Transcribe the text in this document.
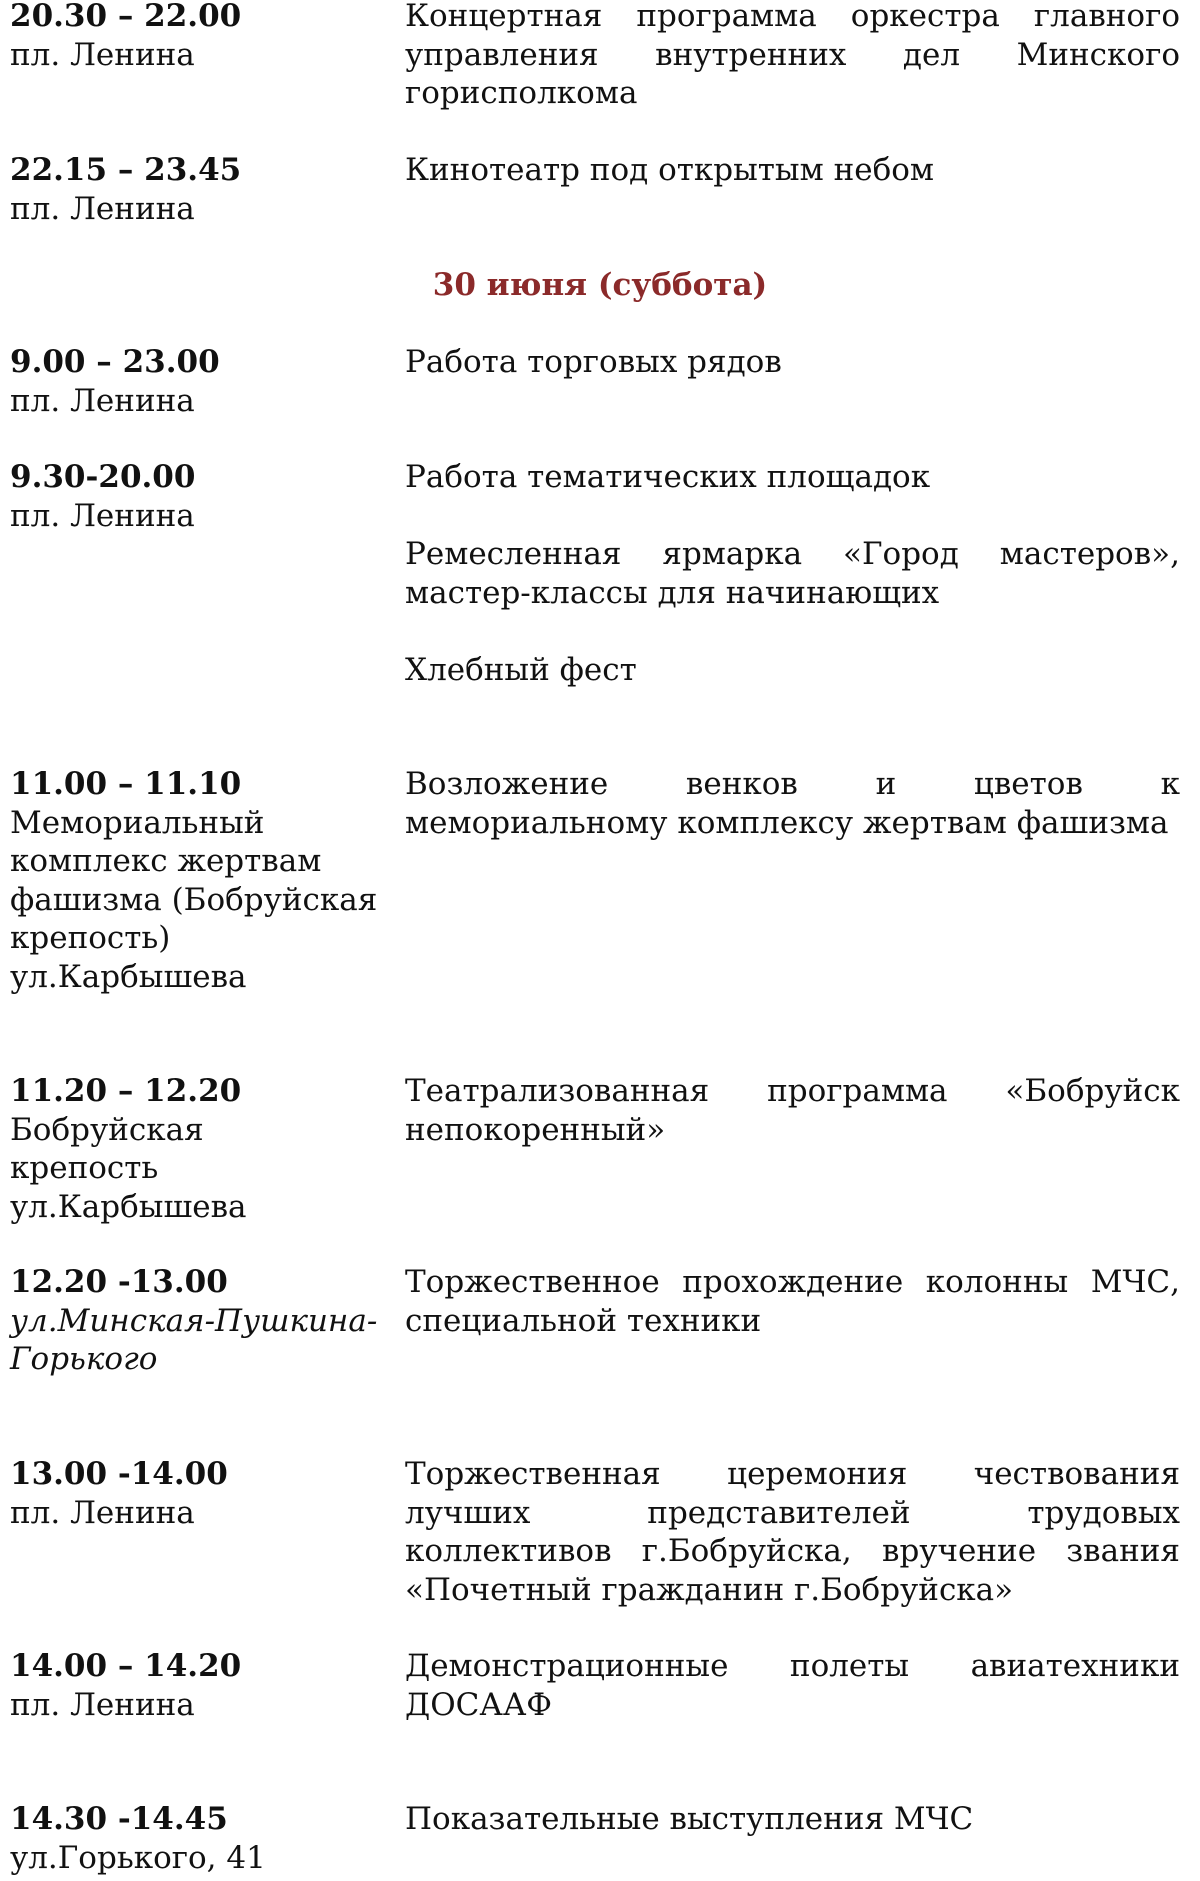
20.30 – 22.00
пл. Ленина

Концертная программа оркестра главного управления внутренних дел Минского горисполкома

22.15 – 23.45
пл. Ленина

Кинотеатр под открытым небом

30 июня (суббота)
9.00 – 23.00
пл. Ленина

Работа торговых рядов

9.30-20.00
пл. Ленина

Работа тематических площадок

Ремесленная ярмарка «Город мастеров», мастер-классы для начинающих

Хлебный фест

11.00 – 11.10
Мемориальный комплекс жертвам фашизма (Бобруйская крепость) ул.Карбышева

Возложение венков и цветов к мемориальному комплексу жертвам фашизма

11.20 – 12.20
Бобруйская крепость ул.Карбышева

Театрализованная программа «Бобруйск непокоренный»

12.20 -13.00
ул.Минская-Пушкина-Горького

Торжественное прохождение колонны МЧС, специальной техники

13.00 -14.00
пл. Ленина

Торжественная церемония чествования лучших представителей трудовых коллективов г.Бобруйска, вручение звания «Почетный гражданин г.Бобруйска»

14.00 – 14.20
пл. Ленина

Демонстрационные полеты авиатехники ДОСААФ

14.30 -14.45
ул.Горького, 41

Показательные выступления МЧС
